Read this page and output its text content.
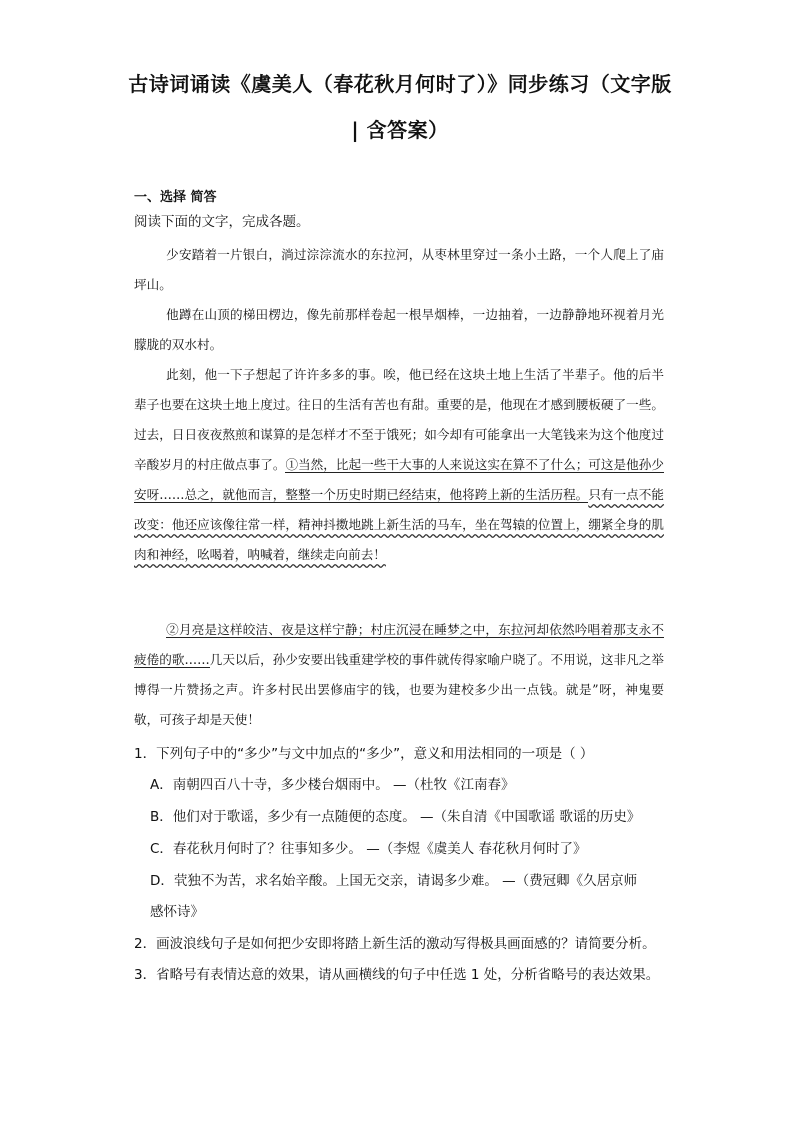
古诗词诵读《虞美人（春花秋月何时了）》同步练习（文字版
| 含答案）
一、选择 简答
阅读下面的文字，完成各题。
少安踏着一片银白，淌过淙淙流水的东拉河，从枣林里穿过一条小土路，一个人爬上了庙坪山。
他蹲在山顶的梯田楞边，像先前那样卷起一根旱烟棒，一边抽着，一边静静地环视着月光朦胧的双水村。
此刻，他一下子想起了许许多多的事。唉，他已经在这块土地上生活了半辈子。他的后半辈子也要在这块土地上度过。往日的生活有苦也有甜。重要的是，他现在才感到腰板硬了一些。过去，日日夜夜熬煎和谋算的是怎样才不至于饿死；如今却有可能拿出一大笔钱来为这个他度过辛酸岁月的村庄做点事了。①当然，比起一些干大事的人来说这实在算不了什么；可这是他孙少安呀……总之，就他而言，整整一个历史时期已经结束，他将跨上新的生活历程。只有一点不能改变：他还应该像往常一样，精神抖擞地跳上新生活的马车，坐在驾辕的位置上，绷紧全身的肌肉和神经，吆喝着，呐喊着，继续走向前去！
②月亮是这样皎洁、夜是这样宁静；村庄沉浸在睡梦之中，东拉河却依然吟唱着那支永不疲倦的歌……几天以后，孙少安要出钱重建学校的事件就传得家喻户晓了。不用说，这非凡之举博得一片赞扬之声。许多村民出罢修庙宇的钱，也要为建校多少出一点钱。就是”呀，神鬼要敬，可孩子却是天使！
1．下列句子中的“多少”与文中加点的“多少”，意义和用法相同的一项是（ ）
A．南朝四百八十寺，多少楼台烟雨中。 —（杜牧《江南春》
B．他们对于歌谣，多少有一点随便的态度。 —（朱自清《中国歌谣 歌谣的历史》
C．春花秋月何时了？往事知多少。 —（李煜《虞美人 春花秋月何时了》
D．茕独不为苦，求名始辛酸。上国无交亲，请谒多少难。 —（费冠卿《久居京师
感怀诗》
2．画波浪线句子是如何把少安即将踏上新生活的激动写得极具画面感的？请简要分析。
3．省略号有表情达意的效果，请从画横线的句子中任选 1 处，分析省略号的表达效果。
